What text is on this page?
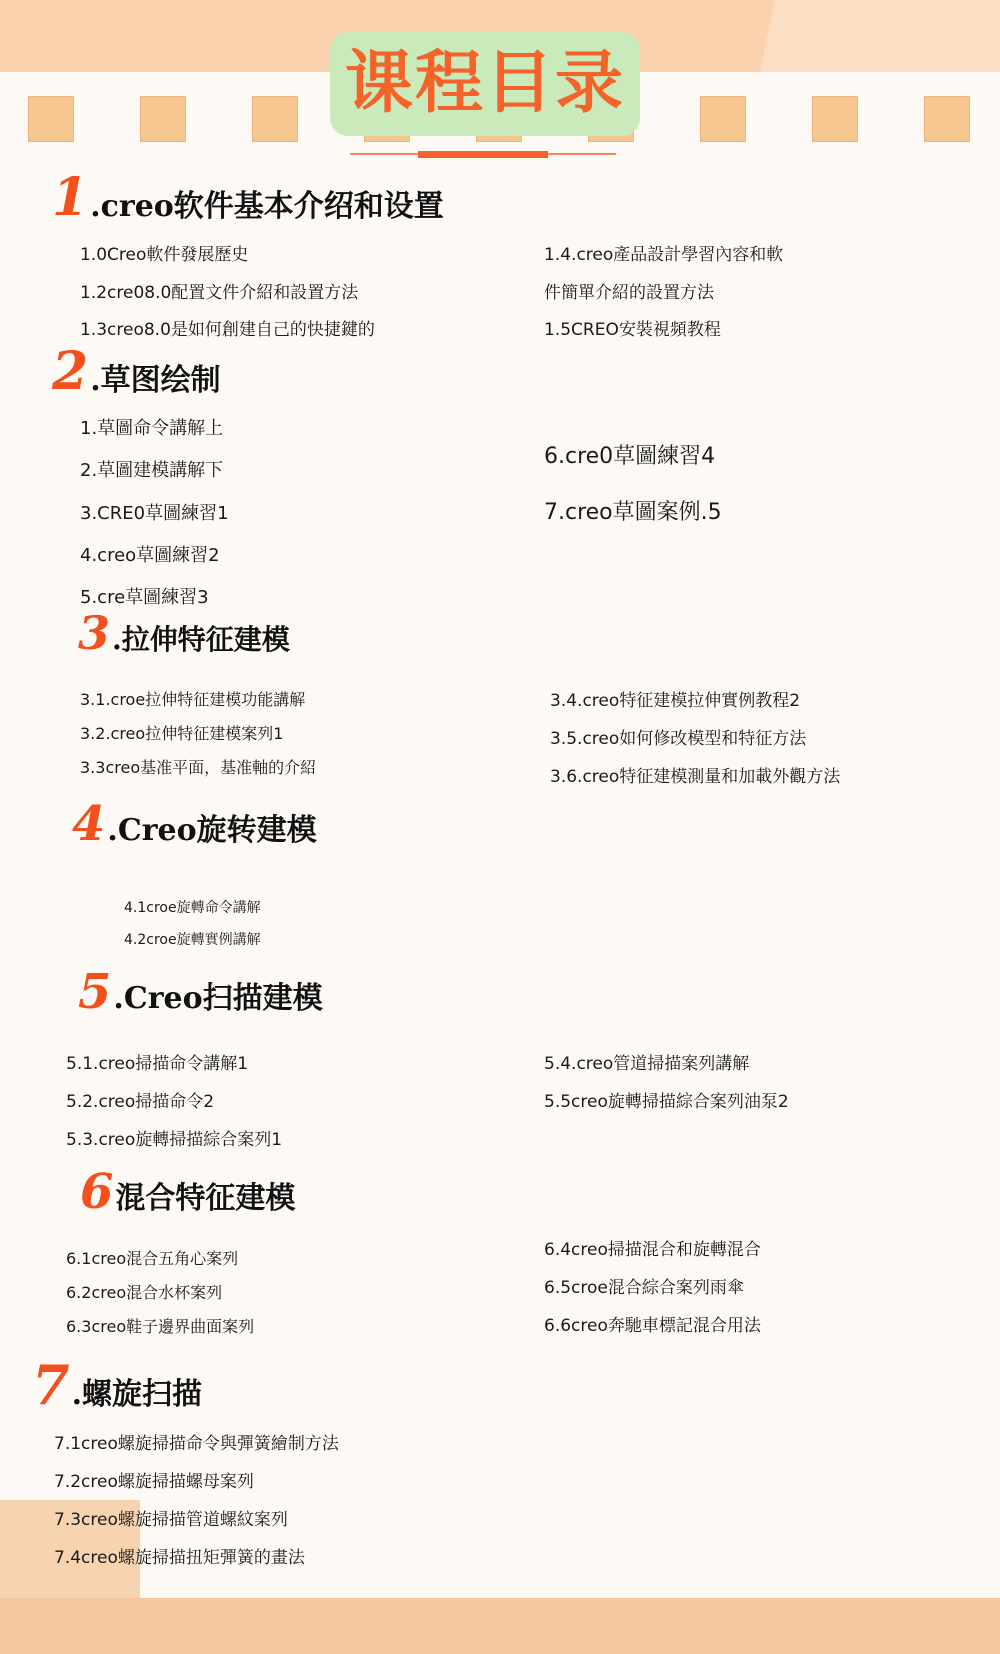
课程目录
1 .creo软件基本介绍和设置
1.0Creo軟件發展歷史
1.2cre08.0配置文件介紹和設置方法
1.3creo8.0是如何創建自己的快捷鍵的
1.4.creo產品設計學習內容和軟
件簡單介紹的設置方法
1.5CREO安裝視頻教程
2 .草图绘制
1.草圖命令講解上
2.草圖建模講解下
3.CRE0草圖練習1
4.creo草圖練習2
5.cre草圖練習3
6.cre0草圖練習4
7.creo草圖案例.5
3 .拉伸特征建模
3.1.croe拉伸特征建模功能講解
3.2.creo拉伸特征建模案列1
3.3creo基准平面，基准軸的介紹
3.4.creo特征建模拉伸實例教程2
3.5.creo如何修改模型和特征方法
3.6.creo特征建模測量和加載外觀方法
4 .Creo旋转建模
4.1croe旋轉命令講解
4.2croe旋轉實例講解
5 .Creo扫描建模
5.1.creo掃描命令講解1
5.2.creo掃描命令2
5.3.creo旋轉掃描綜合案列1
5.4.creo管道掃描案列講解
5.5creo旋轉掃描綜合案列油泵2
6 混合特征建模
6.1creo混合五角心案列
6.2creo混合水杯案列
6.3creo鞋子邊界曲面案列
6.4creo掃描混合和旋轉混合
6.5croe混合綜合案列雨傘
6.6creo奔馳車標記混合用法
7 .螺旋扫描
7.1creo螺旋掃描命令與彈簧繪制方法
7.2creo螺旋掃描螺母案列
7.3creo螺旋掃描管道螺紋案列
7.4creo螺旋掃描扭矩彈簧的畫法
